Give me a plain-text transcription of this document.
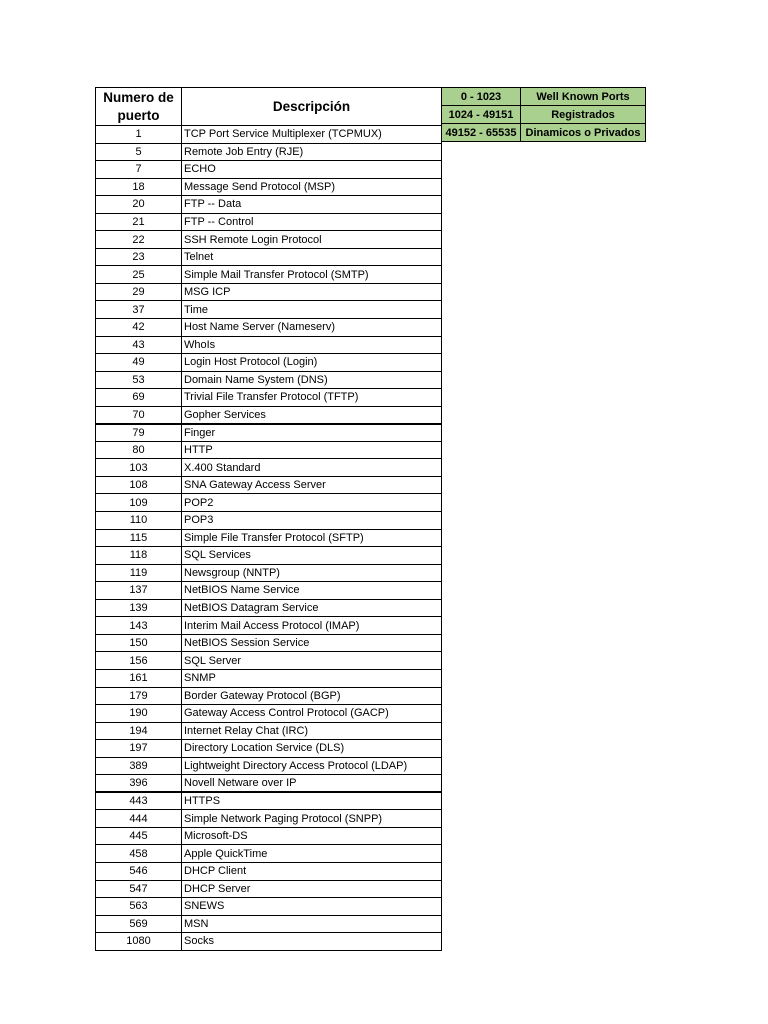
Numero de
puerto	Descripción
1	TCP Port Service Multiplexer (TCPMUX)
5	Remote Job Entry (RJE)
7	ECHO
18	Message Send Protocol (MSP)
20	FTP -- Data
21	FTP -- Control
22	SSH Remote Login Protocol
23	Telnet
25	Simple Mail Transfer Protocol (SMTP)
29	MSG ICP
37	Time
42	Host Name Server (Nameserv)
43	WhoIs
49	Login Host Protocol (Login)
53	Domain Name System (DNS)
69	Trivial File Transfer Protocol (TFTP)
70	Gopher Services
79	Finger
80	HTTP
103	X.400 Standard
108	SNA Gateway Access Server
109	POP2
110	POP3
115	Simple File Transfer Protocol (SFTP)
118	SQL Services
119	Newsgroup (NNTP)
137	NetBIOS Name Service
139	NetBIOS Datagram Service
143	Interim Mail Access Protocol (IMAP)
150	NetBIOS Session Service
156	SQL Server
161	SNMP
179	Border Gateway Protocol (BGP)
190	Gateway Access Control Protocol (GACP)
194	Internet Relay Chat (IRC)
197	Directory Location Service (DLS)
389	Lightweight Directory Access Protocol (LDAP)
396	Novell Netware over IP
443	HTTPS
444	Simple Network Paging Protocol (SNPP)
445	Microsoft-DS
458	Apple QuickTime
546	DHCP Client
547	DHCP Server
563	SNEWS
569	MSN
1080	Socks
0 - 1023	Well Known Ports
1024 - 49151	Registrados
49152 - 65535	Dinamicos o Privados
